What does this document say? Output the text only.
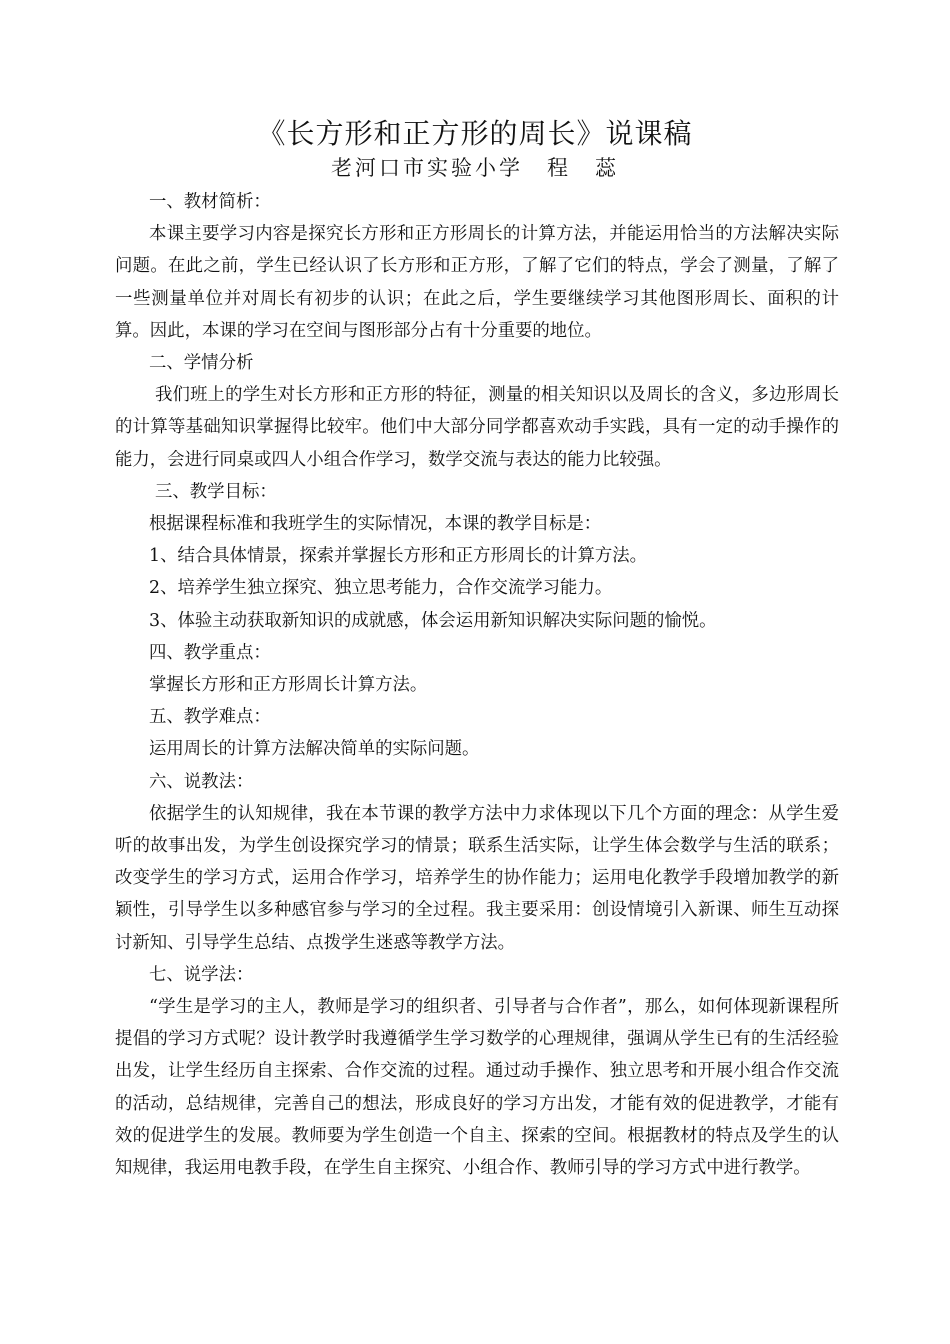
《长方形和正方形的周长》说课稿
老河口市实验小学　程　蕊

一、教材简析：

本课主要学习内容是探究长方形和正方形周长的计算方法，并能运用恰当的方法解决实际问题。在此之前，学生已经认识了长方形和正方形，了解了它们的特点，学会了测量，了解了一些测量单位并对周长有初步的认识；在此之后，学生要继续学习其他图形周长、面积的计算。因此，本课的学习在空间与图形部分占有十分重要的地位。

二、学情分析

我们班上的学生对长方形和正方形的特征，测量的相关知识以及周长的含义，多边形周长的计算等基础知识掌握得比较牢。他们中大部分同学都喜欢动手实践，具有一定的动手操作的能力，会进行同桌或四人小组合作学习，数学交流与表达的能力比较强。

三、教学目标：

根据课程标准和我班学生的实际情况，本课的教学目标是：

1、结合具体情景，探索并掌握长方形和正方形周长的计算方法。

2、培养学生独立探究、独立思考能力，合作交流学习能力。

3、体验主动获取新知识的成就感，体会运用新知识解决实际问题的愉悦。

四、教学重点：

掌握长方形和正方形周长计算方法。

五、教学难点：

运用周长的计算方法解决简单的实际问题。

六、说教法：

依据学生的认知规律，我在本节课的教学方法中力求体现以下几个方面的理念：从学生爱听的故事出发，为学生创设探究学习的情景；联系生活实际，让学生体会数学与生活的联系；改变学生的学习方式，运用合作学习，培养学生的协作能力；运用电化教学手段增加教学的新颖性，引导学生以多种感官参与学习的全过程。我主要采用：创设情境引入新课、师生互动探讨新知、引导学生总结、点拨学生迷惑等教学方法。

七、说学法：

“学生是学习的主人，教师是学习的组织者、引导者与合作者”，那么，如何体现新课程所提倡的学习方式呢？设计教学时我遵循学生学习数学的心理规律，强调从学生已有的生活经验出发，让学生经历自主探索、合作交流的过程。通过动手操作、独立思考和开展小组合作交流的活动，总结规律，完善自己的想法，形成良好的学习方出发，才能有效的促进教学，才能有效的促进学生的发展。教师要为学生创造一个自主、探索的空间。根据教材的特点及学生的认知规律，我运用电教手段，在学生自主探究、小组合作、教师引导的学习方式中进行教学。
